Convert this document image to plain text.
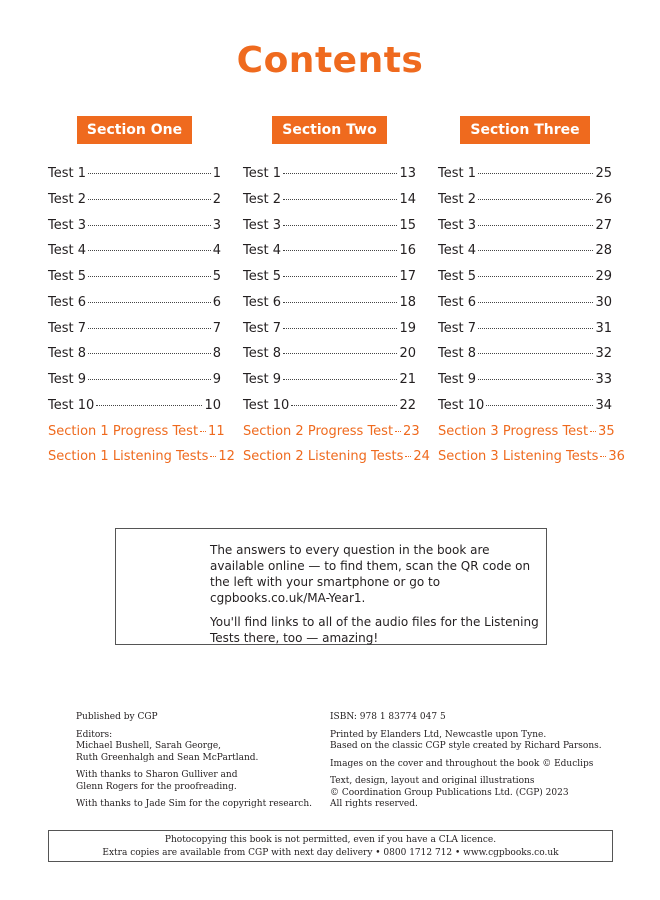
Contents
Section One
Test 1	1
Test 2	2
Test 3	3
Test 4	4
Test 5	5
Test 6	6
Test 7	7
Test 8	8
Test 9	9
Test 10	10
Section 1 Progress Test 11
Section 1 Listening Tests 12
Section Two
Test 1	13
Test 2	14
Test 3	15
Test 4	16
Test 5	17
Test 6	18
Test 7	19
Test 8	20
Test 9	21
Test 10	22
Section 2 Progress Test 23
Section 2 Listening Tests 24
Section Three
Test 1	25
Test 2	26
Test 3	27
Test 4	28
Test 5	29
Test 6	30
Test 7	31
Test 8	32
Test 9	33
Test 10	34
Section 3 Progress Test 35
Section 3 Listening Tests 36

The answers to every question in the book are available online — to find them, scan the QR code on the left with your smartphone or go to cgpbooks.co.uk/MA-Year1.

You'll find links to all of the audio files for the Listening Tests there, too — amazing!

Published by CGP

Editors:
Michael Bushell, Sarah George,
Ruth Greenhalgh and Sean McPartland.

With thanks to Sharon Gulliver and
Glenn Rogers for the proofreading.

With thanks to Jade Sim for the copyright research.

ISBN: 978 1 83774 047 5

Printed by Elanders Ltd, Newcastle upon Tyne.
Based on the classic CGP style created by Richard Parsons.

Images on the cover and throughout the book © Educlips

Text, design, layout and original illustrations
© Coordination Group Publications Ltd. (CGP) 2023
All rights reserved.

Photocopying this book is not permitted, even if you have a CLA licence.
Extra copies are available from CGP with next day delivery • 0800 1712 712 • www.cgpbooks.co.uk
